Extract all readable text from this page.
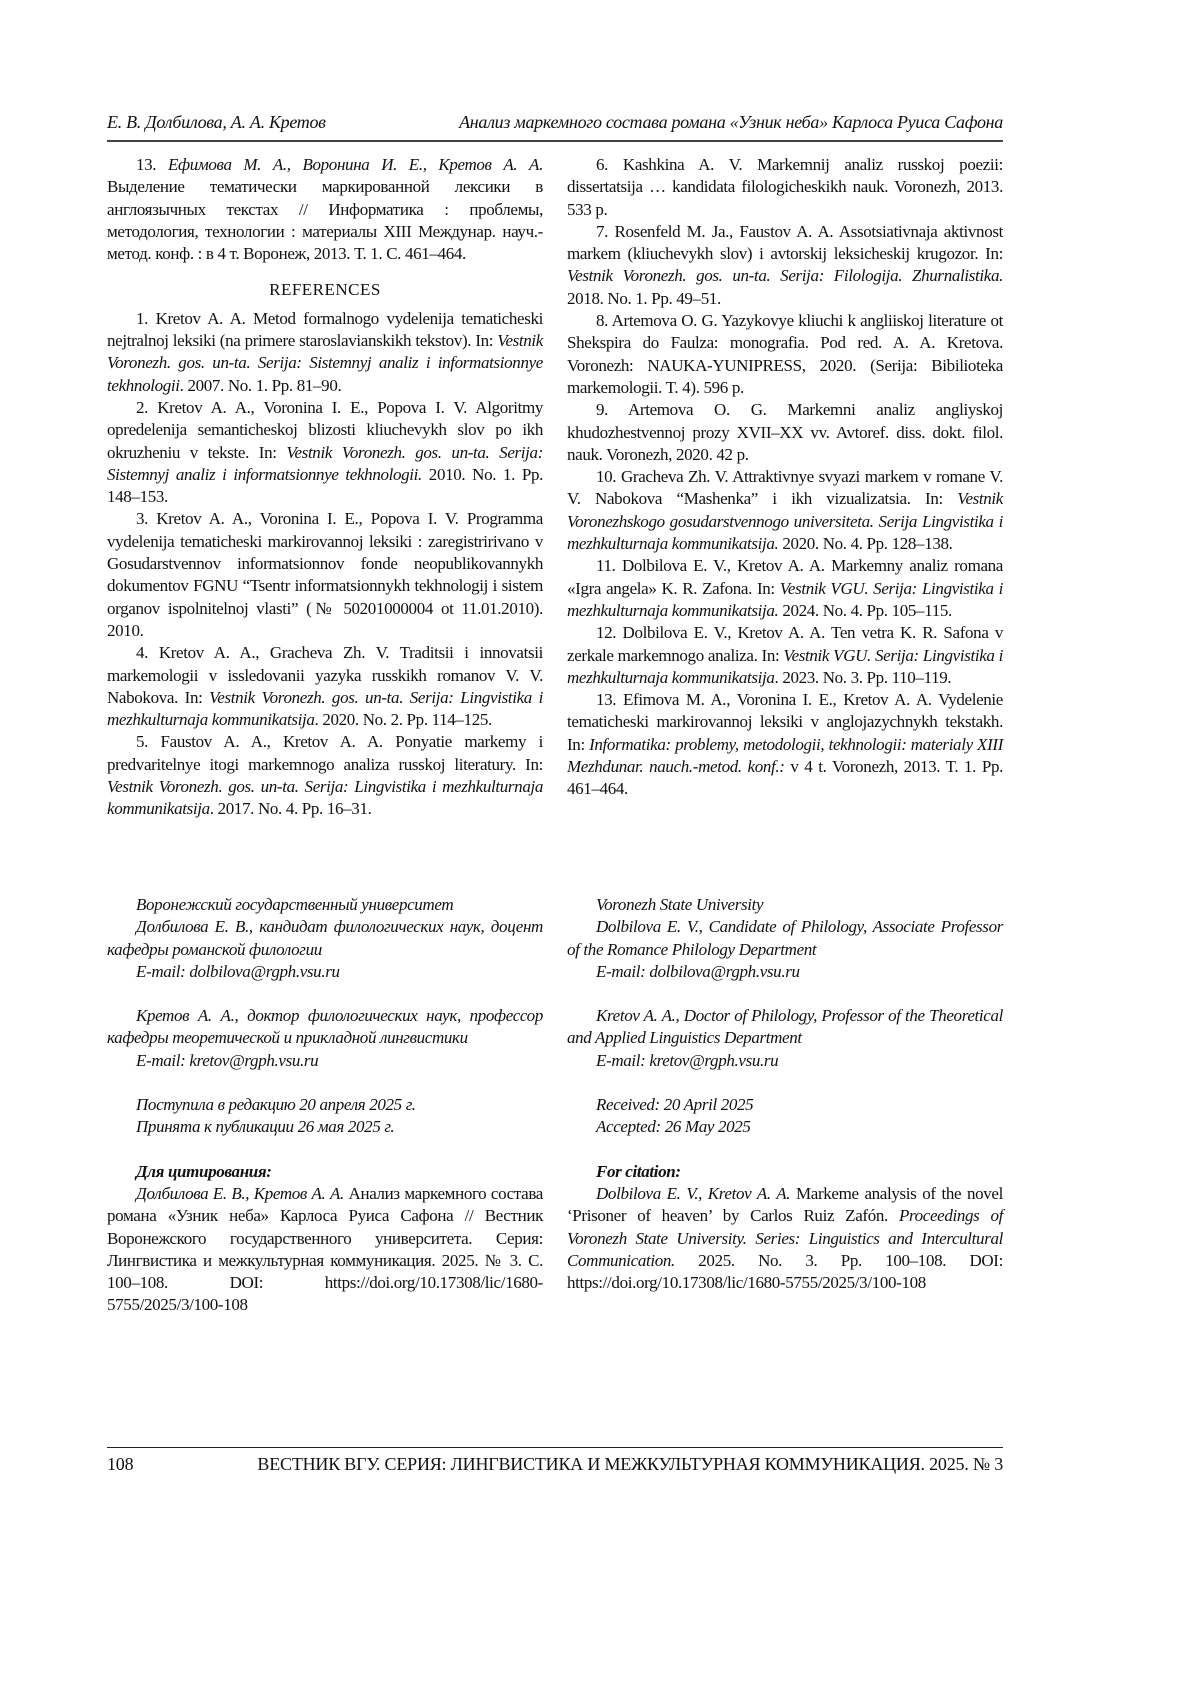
Е. В. Долбилова, А. А. Кретов	Анализ маркемного состава романа «Узник неба» Карлоса Руиса Сафона

13. Ефимова М. А., Воронина И. Е., Кретов А. А. Выделение тематически маркированной лексики в англоязычных текстах // Информатика : проблемы, методология, технологии : материалы XIII Междунар. науч.-метод. конф. : в 4 т. Воронеж, 2013. Т. 1. С. 461–464.

REFERENCES

1. Kretov A. A. Metod formalnogo vydelenija tematicheski nejtralnoj leksiki (na primere staroslavianskikh tekstov). In: Vestnik Voronezh. gos. un-ta. Serija: Sistemnyj analiz i informatsionnye tekhnologii. 2007. No. 1. Pp. 81–90.

2. Kretov A. A., Voronina I. E., Popova I. V. Algoritmy opredelenija semanticheskoj blizosti kliuchevykh slov po ikh okruzheniu v tekste. In: Vestnik Voronezh. gos. un-ta. Serija: Sistemnyj analiz i informatsionnye tekhnologii. 2010. No. 1. Pp. 148–153.

3. Kretov A. A., Voronina I. E., Popova I. V. Programma vydelenija tematicheski markirovannoj leksiki : zaregistririvano v Gosudarstvennov informatsionnov fonde neopublikovannykh dokumentov FGNU “Tsentr informatsionnykh tekhnologij i sistem organov ispolnitelnoj vlasti” (№ 50201000004 ot 11.01.2010). 2010.

4. Kretov A. A., Gracheva Zh. V. Traditsii i innovatsii markemologii v issledovanii yazyka russkikh romanov V. V. Nabokova. In: Vestnik Voronezh. gos. un-ta. Serija: Lingvistika i mezhkulturnaja kommunikatsija. 2020. No. 2. Pp. 114–125.

5. Faustov A. A., Kretov A. A. Ponyatie markemy i predvaritelnye itogi markemnogo analiza russkoj literatury. In: Vestnik Voronezh. gos. un-ta. Serija: Lingvistika i mezhkulturnaja kommunikatsija. 2017. No. 4. Pp. 16–31.

6. Kashkina A. V. Markemnij analiz russkoj poezii: dissertatsija … kandidata filologicheskikh nauk. Voronezh, 2013. 533 p.

7. Rosenfeld M. Ja., Faustov A. A. Assotsiativnaja aktivnost markem (kliuchevykh slov) i avtorskij leksicheskij krugozor. In: Vestnik Voronezh. gos. un-ta. Serija: Filologija. Zhurnalistika. 2018. No. 1. Pp. 49–51.

8. Artemova O. G. Yazykovye kliuchi k angliiskoj literature ot Shekspira do Faulza: monografia. Pod red. A. A. Kretova. Voronezh: NAUKA-YUNIPRESS, 2020. (Serija: Bibilioteka markemologii. T. 4). 596 p.

9. Artemova O. G. Markemni analiz angliyskoj khudozhestvennoj prozy XVII–XX vv. Avtoref. diss. dokt. filol. nauk. Voronezh, 2020. 42 p.

10. Gracheva Zh. V. Attraktivnye svyazi markem v romane V. V. Nabokova “Mashenka” i ikh vizualizatsia. In: Vestnik Voronezhskogo gosudarstvennogo universiteta. Serija Lingvistika i mezhkulturnaja kommunikatsija. 2020. No. 4. Pp. 128–138.

11. Dolbilova E. V., Kretov A. A. Markemny analiz romana «Igra angela» K. R. Zafona. In: Vestnik VGU. Serija: Lingvistika i mezhkulturnaja kommunikatsija. 2024. No. 4. Pp. 105–115.

12. Dolbilova E. V., Kretov A. A. Ten vetra K. R. Safona v zerkale markemnogo analiza. In: Vestnik VGU. Serija: Lingvistika i mezhkulturnaja kommunikatsija. 2023. No. 3. Pp. 110–119.

13. Efimova M. A., Voronina I. E., Kretov A. A. Vydelenie tematicheski markirovannoj leksiki v anglojazychnykh tekstakh. In: Informatika: problemy, metodologii, tekhnologii: materialy XIII Mezhdunar. nauch.-metod. konf.: v 4 t. Voronezh, 2013. T. 1. Pp. 461–464.

Воронежский государственный университет

Долбилова Е. В., кандидат филологических наук, доцент кафедры романской филологии

E-mail: dolbilova@rgph.vsu.ru

Кретов А. А., доктор филологических наук, профессор кафедры теоретической и прикладной лингвистики

E-mail: kretov@rgph.vsu.ru

Поступила в редакцию 20 апреля 2025 г.

Принята к публикации 26 мая 2025 г.

Для цитирования:

Долбилова Е. В., Кретов А. А. Анализ маркемного состава романа «Узник неба» Карлоса Руиса Сафона // Вестник Воронежского государственного университета. Серия: Лингвистика и межкультурная коммуникация. 2025. № 3. С. 100–108. DOI: https://doi.org/10.17308/lic/1680-5755/2025/3/100-108

Voronezh State University

Dolbilova E. V., Candidate of Philology, Associate Professor of the Romance Philology Department

E-mail: dolbilova@rgph.vsu.ru

Kretov A. A., Doctor of Philology, Professor of the Theoretical and Applied Linguistics Department

E-mail: kretov@rgph.vsu.ru

Received: 20 April 2025

Accepted: 26 May 2025

For citation:

Dolbilova E. V., Kretov A. A. Markeme analysis of the novel ‘Prisoner of heaven’ by Carlos Ruiz Zafón. Proceedings of Voronezh State University. Series: Linguistics and Intercultural Communication. 2025. No. 3. Pp. 100–108. DOI: https://doi.org/10.17308/lic/1680-5755/2025/3/100-108

108	ВЕСТНИК ВГУ. СЕРИЯ: ЛИНГВИСТИКА И МЕЖКУЛЬТУРНАЯ КОММУНИКАЦИЯ. 2025. № 3
